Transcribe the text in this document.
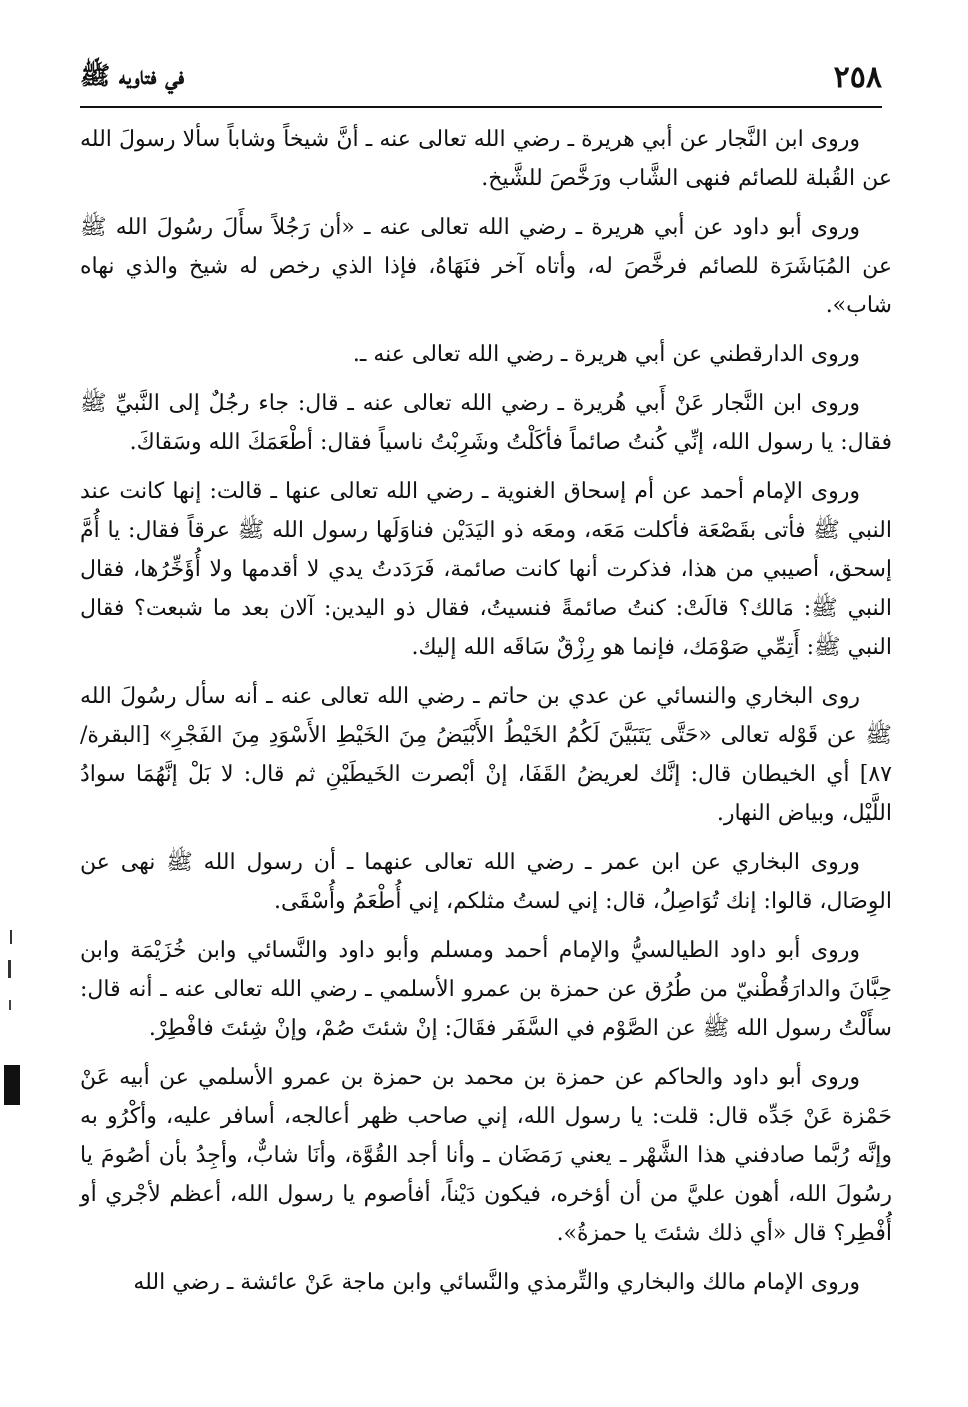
٢٥٨
في فتاويه ﷺ

وروى ابن النَّجار عن أبي هريرة ـ رضي الله تعالى عنه ـ أنَّ شيخاً وشاباً سألا رسولَ الله عن القُبلة للصائم فنهى الشَّاب ورَخَّصَ للشَّيخ.

وروى أبو داود عن أبي هريرة ـ رضي الله تعالى عنه ـ «أن رَجُلاً سأَلَ رسُولَ الله ﷺ عن المُبَاشَرَة للصائم فرخَّصَ له، وأتاه آخر فنَهَاهُ، فإذا الذي رخص له شيخ والذي نهاه شاب».

وروى الدارقطني عن أبي هريرة ـ رضي الله تعالى عنه ـ.

وروى ابن النَّجار عَنْ أَبي هُريرة ـ رضي الله تعالى عنه ـ قال: جاء رجُلٌ إلى النَّبيِّ ﷺ فقال: يا رسول الله، إنِّي كُنتُ صائماً فأكَلْتُ وشَرِبْتُ ناسياً فقال: أطْعَمَكَ الله وسَقاكَ.

وروى الإمام أحمد عن أم إسحاق الغنوية ـ رضي الله تعالى عنها ـ قالت: إنها كانت عند النبي ﷺ فأتى بقَصْعَة فأكلت مَعَه، ومعَه ذو اليَدَيْن فناوَلَها رسول الله ﷺ عرقاً فقال: يا أُمَّ إسحق، أصيبي من هذا، فذكرت أنها كانت صائمة، فَرَدَدتُ يدي لا أقدمها ولا أُؤَخِّرُها، فقال النبي ﷺ: مَالك؟ قالَتْ: كنتُ صائمةً فنسيتُ، فقال ذو اليدين: آلان بعد ما شبعت؟ فقال النبي ﷺ: أَتِمِّي صَوْمَك، فإنما هو رِزْقٌ سَاقَه الله إليك.

روى البخاري والنسائي عن عدي بن حاتم ـ رضي الله تعالى عنه ـ أنه سأل رسُولَ الله ﷺ عن قَوْله تعالى «حَتَّى يَتَبَيَّنَ لَكُمُ الخَيْطُ الأَبْيَضُ مِنَ الخَيْطِ الأَسْوَدِ مِنَ الفَجْرِ» [البقرة/٨٧] أي الخيطان قال: إنَّك لعريضُ القَفَا، إنْ أبْصرت الخَيطَيْنِ ثم قال: لا بَلْ إنَّهُمَا سوادُ اللَّيْل، وبياض النهار.

وروى البخاري عن ابن عمر ـ رضي الله تعالى عنهما ـ أن رسول الله ﷺ نهى عن الوِصَال، قالوا: إنك تُوَاصِلُ، قال: إني لستُ مثلكم، إني أُطْعَمُ وأُسْقَى.

وروى أبو داود الطيالسيُّ والإمام أحمد ومسلم وأبو داود والنَّسائي وابن خُزَيْمَة وابن حِبَّانَ والدارَقُطْنيّ من طُرُق عن حمزة بن عمرو الأسلمي ـ رضي الله تعالى عنه ـ أنه قال: سأَلْتُ رسول الله ﷺ عن الصَّوْم في السَّفَر فقَالَ: إنْ شئتَ صُمْ، وإنْ شِئتَ فافْطِرْ.

وروى أبو داود والحاكم عن حمزة بن محمد بن حمزة بن عمرو الأسلمي عن أبيه عَنْ حَمْزة عَنْ جَدِّه قال: قلت: يا رسول الله، إني صاحب ظهر أعالجه، أسافر عليه، وأكْرُو به وإنَّه رُبَّما صادفني هذا الشَّهْر ـ يعني رَمَضَان ـ وأنا أجد القُوَّة، وأنَا شابٌّ، وأجِدُ بأن أصُومَ يا رسُولَ الله، أهون عليَّ من أن أؤخره، فيكون دَيْناً، أفأصوم يا رسول الله، أعظم لأجْري أو أُفْطِر؟ قال «أي ذلك شئتَ يا حمزةُ».

وروى الإمام مالك والبخاري والتِّرمذي والنَّسائي وابن ماجة عَنْ عائشة ـ رضي الله
